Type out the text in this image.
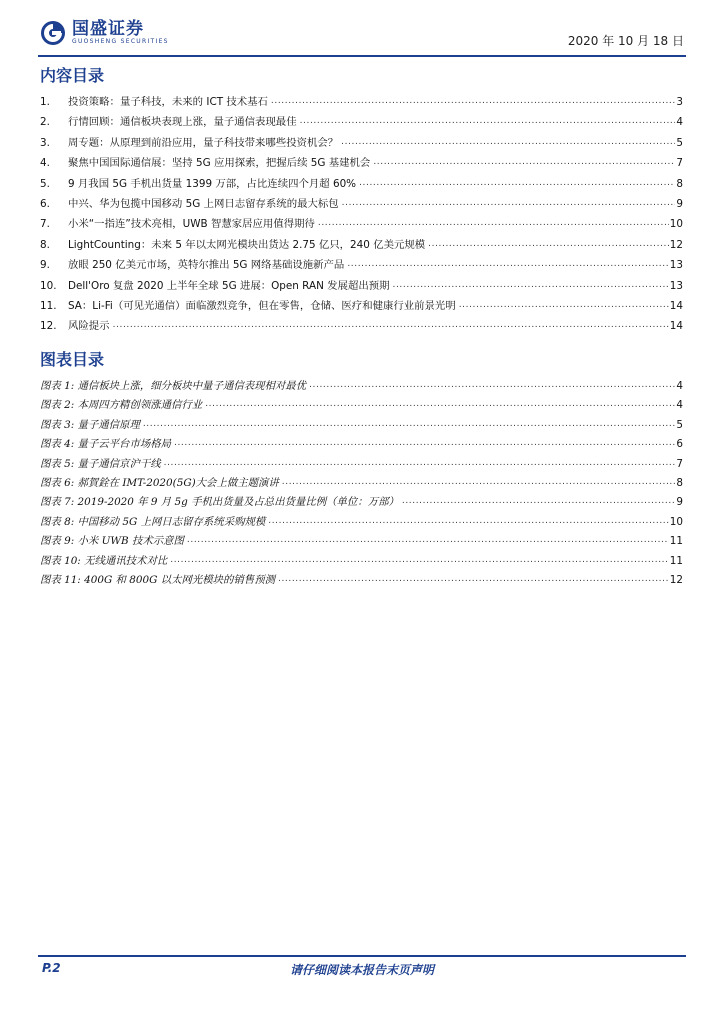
国盛证券
GUOSHENG SECURITIES	2020 年 10 月 18 日
内容目录
1.	投资策略：量子科技，未来的 ICT 技术基石 .....	3
2.	行情回顾：通信板块表现上涨，量子通信表现最佳 .....	4
3.	周专题：从原理到前沿应用，量子科技带来哪些投资机会？ .....	5
4.	聚焦中国国际通信展：坚持 5G 应用探索，把握后续 5G 基建机会 .....	7
5.	9 月我国 5G 手机出货量 1399 万部，占比连续四个月超 60% .....	8
6.	中兴、华为包揽中国移动 5G 上网日志留存系统的最大标包 .....	9
7.	小米“一指连”技术亮相，UWB 智慧家居应用值得期待 .....	10
8.	LightCounting：未来 5 年以太网光模块出货达 2.75 亿只，240 亿美元规模 .....	12
9.	放眼 250 亿美元市场，英特尔推出 5G 网络基础设施新产品 .....	13
10.	Dell'Oro 复盘 2020 上半年全球 5G 进展：Open RAN 发展超出预期 .....	13
11.	SA：Li-Fi（可见光通信）面临激烈竞争，但在零售，仓储、医疗和健康行业前景光明 .....	14
12.	风险提示 .....	14
图表目录
图表 1: 通信板块上涨，细分板块中量子通信表现相对最优 .....	4
图表 2: 本周四方精创领涨通信行业 .....	4
图表 3: 量子通信原理 .....	5
图表 4: 量子云平台市场格局 .....	6
图表 5: 量子通信京沪干线 .....	7
图表 6: 郝賀銓在 IMT-2020(5G)大会上做主题演讲 .....	8
图表 7: 2019-2020 年 9 月 5g 手机出货量及占总出货量比例（单位：万部） .....	9
图表 8: 中国移动 5G 上网日志留存系统采购规模 .....	10
图表 9: 小米 UWB 技术示意图 .....	11
图表 10: 无线通讯技术对比 .....	11
图表 11: 400G 和 800G 以太网光模块的销售预测 .....	12
请仔细阅读本报告末页声明
P.2
